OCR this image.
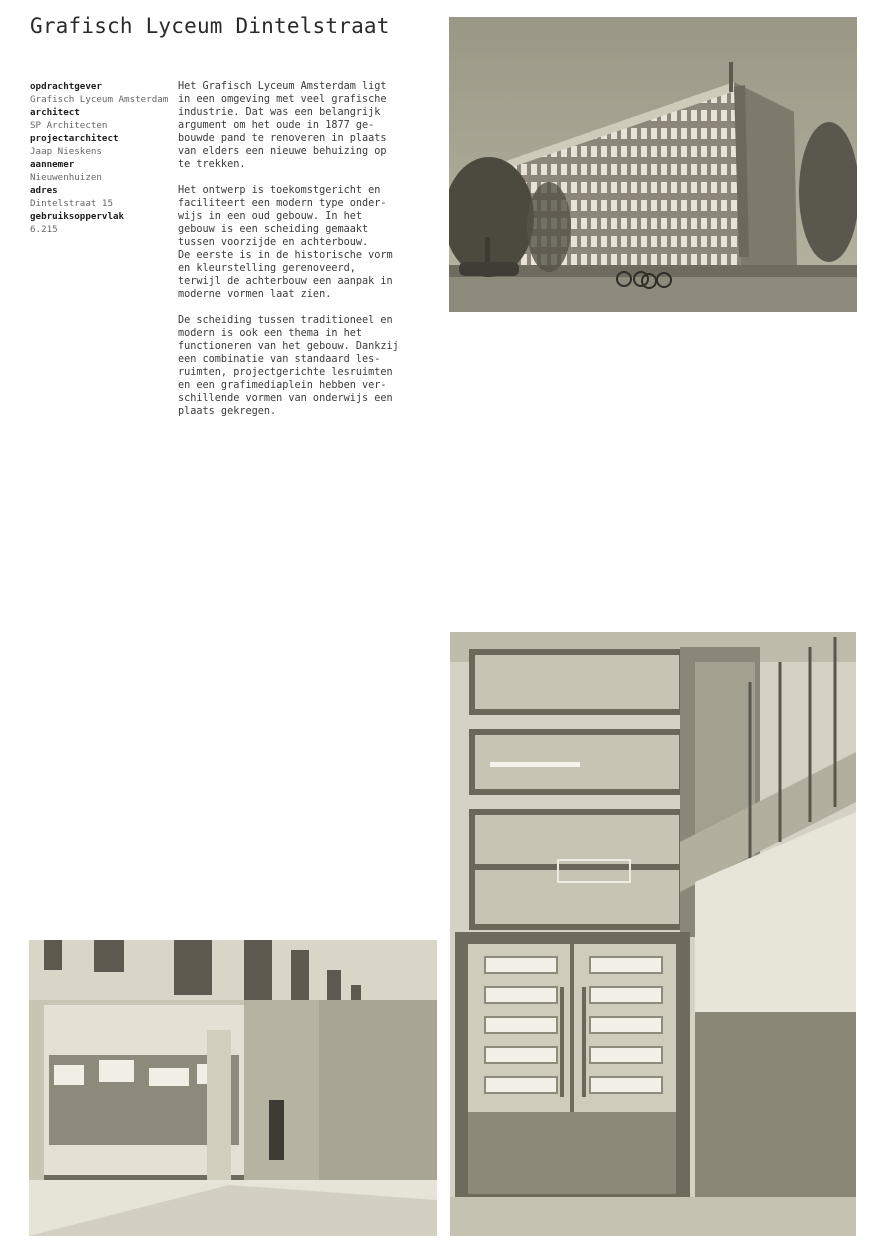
Grafisch Lyceum Dintelstraat
opdrachtgever
Grafisch Lyceum Amsterdam
architect
SP Architecten
projectarchitect
Jaap Nieskens
aannemer
Nieuwenhuizen
adres
Dintelstraat 15
gebruiksoppervlak
6.215

Het Grafisch Lyceum Amsterdam ligt
in een omgeving met veel grafische
industrie. Dat was een belangrijk
argument om het oude in 1877 ge-
bouwde pand te renoveren in plaats
van elders een nieuwe behuizing op
te trekken.

Het ontwerp is toekomstgericht en
faciliteert een modern type onder-
wijs in een oud gebouw. In het
gebouw is een scheiding gemaakt
tussen voorzijde en achterbouw.
De eerste is in de historische vorm
en kleurstelling gerenoveerd,
terwijl de achterbouw een aanpak in
moderne vormen laat zien.

De scheiding tussen traditioneel en
modern is ook een thema in het
functioneren van het gebouw. Dankzij
een combinatie van standaard les-
ruimten, projectgerichte lesruimten
en een grafimediaplein hebben ver-
schillende vormen van onderwijs een
plaats gekregen.
